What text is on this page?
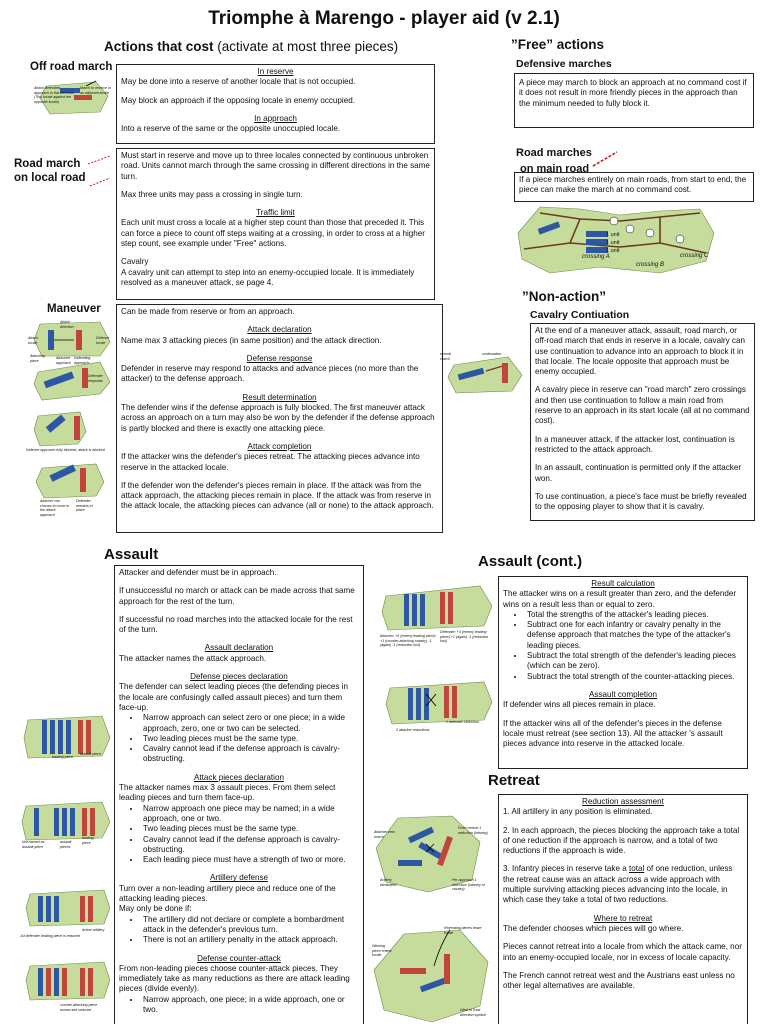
Triomphe à Marengo - player aid (v 2.1)
Actions that cost (activate at most three pieces)	”Free” actions
Off road march
Attack defended approach in this direction (This locale against the opposite locale)
March to reserve in an adjacent locale

In reserve

May be done into a reserve of another locale that is not occupied.

May block an approach if the opposing locale in enemy occupied.

In approach

Into a reserve of the same or the opposite unoccupied locale.

Road march
on local road

Must start in reserve and move up to three locales connected by continuous unbroken road. Units cannot march through the same crossing in different directions in the same turn.

Max three units may pass a crossing in single turn.

Traffic limit

Each unit must cross a locale at a higher step count than those that preceded it. This can force a piece to count off steps waiting at a crossing, in order to cross at a higher step count, see example under "Free" actions.

Cavalry

A cavalry unit can attempt to step into an enemy-occupied locale. It is immediately resolved as a maneuver attack, se page 4.

Maneuver
Attack locale
Attack direction
Defence locale
Attacking piece
Attacked approach
Defending approach
Defender responds
Defence approach fully blocked, attack is blocked
Attacker can choose to move to the attack approach
Defender remains in place

Can be made from reserve or from an approach.

Attack declaration

Name max 3 attacking pieces (in same position) and the attack direction.

Defense response

Defender in reserve may respond to attacks and advance pieces (no more than the attacker) to the defense approach.

Result determination

The defender wins if the defense approach is fully blocked. The first maneuver attack across an approach on a turn may also be won by the defender if the defense approach is partly blocked and there is exactly one attacking piece.

Attack completion

If the attacker wins the defender's pieces retreat. The attacking pieces advance into reserve in the attacked locale.

If the defender won the defender's pieces remain in place. If the attack was from the attack approach, the attacking pieces remain in place. If the attack was from reserve in the attack locale, the attacking pieces can advance (all or none) to the attack approach.

Defensive marches

A piece may march to block an approach at no command cost if it does not result in more friendly pieces in the approach than the minimum needed to fully block it.

Road marches
on main road

If a piece marches entirely on main roads, from start to end, the piece can make the march at no command cost.

1 unit
1 unit
1 unit
crossing A
crossing B
crossing C
”Non-action”
Cavalry Contiuation
normal march
continuation

At the end of a maneuver attack, assault, road march, or off-road march that ends in reserve in a locale, cavalry can use continuation to advance into an approach to block it in that locale. The locale opposite that approach must be enemy occupied.

A cavalry piece in reserve can "road march" zero crossings and then use continuation to follow a main road from reserve to an approach in its start locale (all at no command cost).

In a maneuver attack, if the attacker lost, continuation is restricted to the attack approach.

In an assault, continuation is permitted only if the attacker won.

To use continuation, a piece's face must be briefly revealed to the opposing player to show that it is cavalry.

Assault
leading piece
assault piece
Not named as assault piece
assault pieces
leading piece
1st defender leading piece is reduced
Active artillery
counter-attacking piece turned and reduced

Attacker and defender must be in approach.

If unsuccessful no march or attack can be made across that same approach for the rest of the turn.

If successful no road marches into the attacked locale for the rest of the turn.

Assault declaration

The attacker names the attack approach.

Defense pieces declaration

The defender can select leading pieces (the defending pieces in the locale are confusingly called assault pieces) and turn them face-up.

• Narrow approach can select zero or one piece; in a wide approach, zero, one or two can be selected.
• Two leading pieces must be the same type.
• Cavalry cannot lead if the defense approach is cavalry-obstructing.

Attack pieces declaration

The attacker names max 3 assault pieces. From them select leading pieces and turn them face-up.

• Narrow approach one piece may be named; in a wide approach, one or two.
• Two leading pieces must be the same type.
• Cavalry cannot lead if the defense approach is cavalry-obstructing.
• Each leading piece must have a strength of two or more.

Artillery defense

Turn over a non-leading artillery piece and reduce one of the attacking leading pieces.

May only be done if:

• The artillery did not declare or complete a bombardment attack in the defender's previous turn.
• There is not an artillery penalty in the attack approach.

Defense counter-attack

From non-leading pieces choose counter-attack pieces. They immediately take as many reductions as there are attack leading pieces (divide evenly).

• Narrow approach, one piece; in a wide approach, one or two.
Assault (cont.)
Attacker: +5 (enemy leading piece) +1 (counter-attacking cavalry) -1 (again) -1 (reduction lost)
Defender: +3 (enemy leading piece) +1 (again) -1 (reduction lost)
2 attacker reductions
1 defender reduction

Result calculation

The attacker wins on a result greater than zero, and the defender wins on a result less than or equal to zero.

• Total the strengths of the attacker's leading pieces.
• Subtract one for each infantry or cavalry penalty in the defense approach that matches the type of the attacker's leading pieces.
• Subtract the total strength of the defender's leading pieces (which can be zero).
• Subtract the total strength of the counter-attacking pieces.

Assault completion

If defender wins all pieces remain in place.

If the attacker wins all of the defender's pieces in the defense locale must retreat (see section 13). All the attacker 's assault pieces advance into reserve in the attacked locale.

Retreat
Attacker zero march
From central 1 reduction (infantry)
Artillery eliminated
Per approach 1 reduction (infantry or cavalry)
Retreating pieces leave locale
Winning piece enters locale
West to East direction symbol

Reduction assessment

1. All artillery in any position is eliminated.

2. In each approach, the pieces blocking the approach take a total of one reduction if the approach is narrow, and a total of two reductions if the approach is wide.

3. Infantry pieces in reserve take a total of one reduction, unless the retreat cause was an attack across a wide approach with multiple surviving attacking pieces advancing into the locale, in which case they take a total of two reductions.

Where to retreat

The defender chooses which pieces will go where.

Pieces cannot retreat into a locale from which the attack came, nor into an enemy-occupied locale, nor in excess of locale capacity.

The French cannot retreat west and the Austrians east unless no other legal alternatives are available.
